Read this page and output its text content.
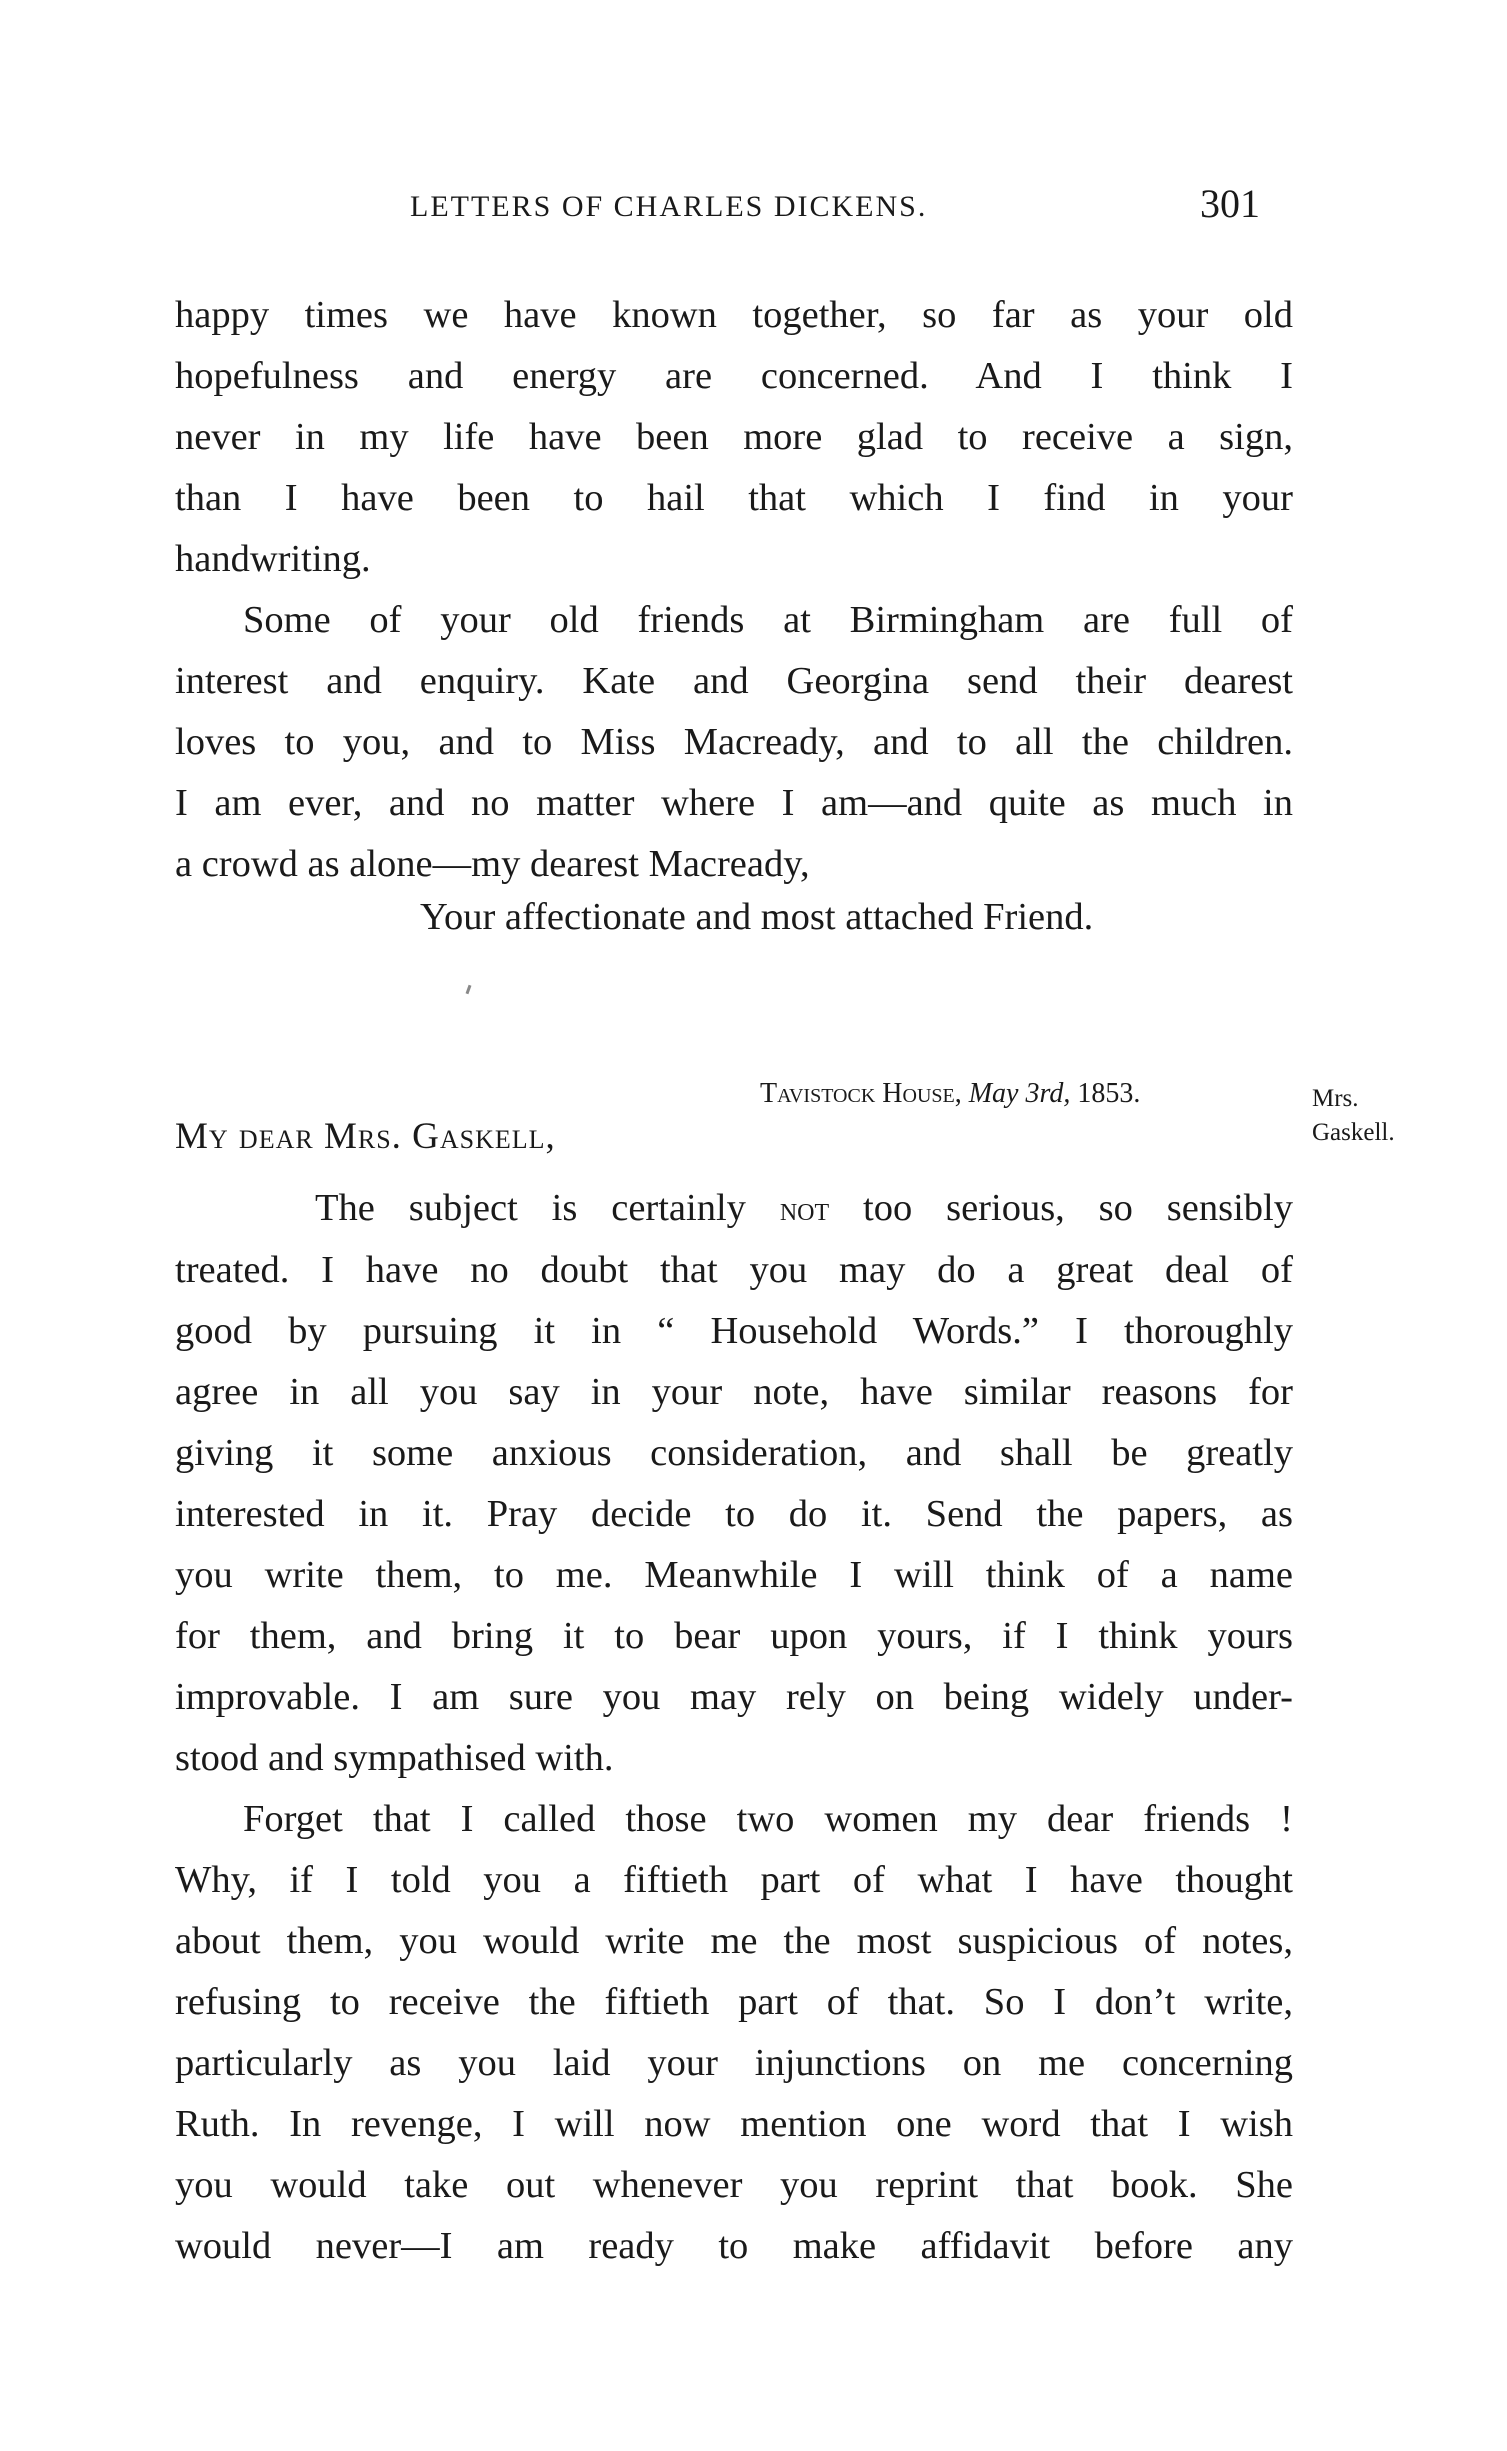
LETTERS OF CHARLES DICKENS.	301
happy times we have known together, so far as your old
hopefulness and energy are concerned. And I think I
never in my life have been more glad to receive a sign,
than I have been to hail that which I find in your
handwriting.
Some of your old friends at Birmingham are full of
interest and enquiry. Kate and Georgina send their dearest
loves to you, and to Miss Macready, and to all the children.
I am ever, and no matter where I am—and quite as much in
a crowd as alone—my dearest Macready,
Your affectionate and most attached Friend.
Tavistock House, May 3rd, 1853.	Mrs.
Gaskell.
My dear Mrs. Gaskell,
The subject is certainly not too serious, so sensibly
treated. I have no doubt that you may do a great deal of
good by pursuing it in “ Household Words.” I thoroughly
agree in all you say in your note, have similar reasons for
giving it some anxious consideration, and shall be greatly
interested in it. Pray decide to do it. Send the papers, as
you write them, to me. Meanwhile I will think of a name
for them, and bring it to bear upon yours, if I think yours
improvable. I am sure you may rely on being widely under-
stood and sympathised with.
Forget that I called those two women my dear friends !
Why, if I told you a fiftieth part of what I have thought
about them, you would write me the most suspicious of notes,
refusing to receive the fiftieth part of that. So I don’t write,
particularly as you laid your injunctions on me concerning
Ruth. In revenge, I will now mention one word that I wish
you would take out whenever you reprint that book. She
would never—I am ready to make affidavit before any
